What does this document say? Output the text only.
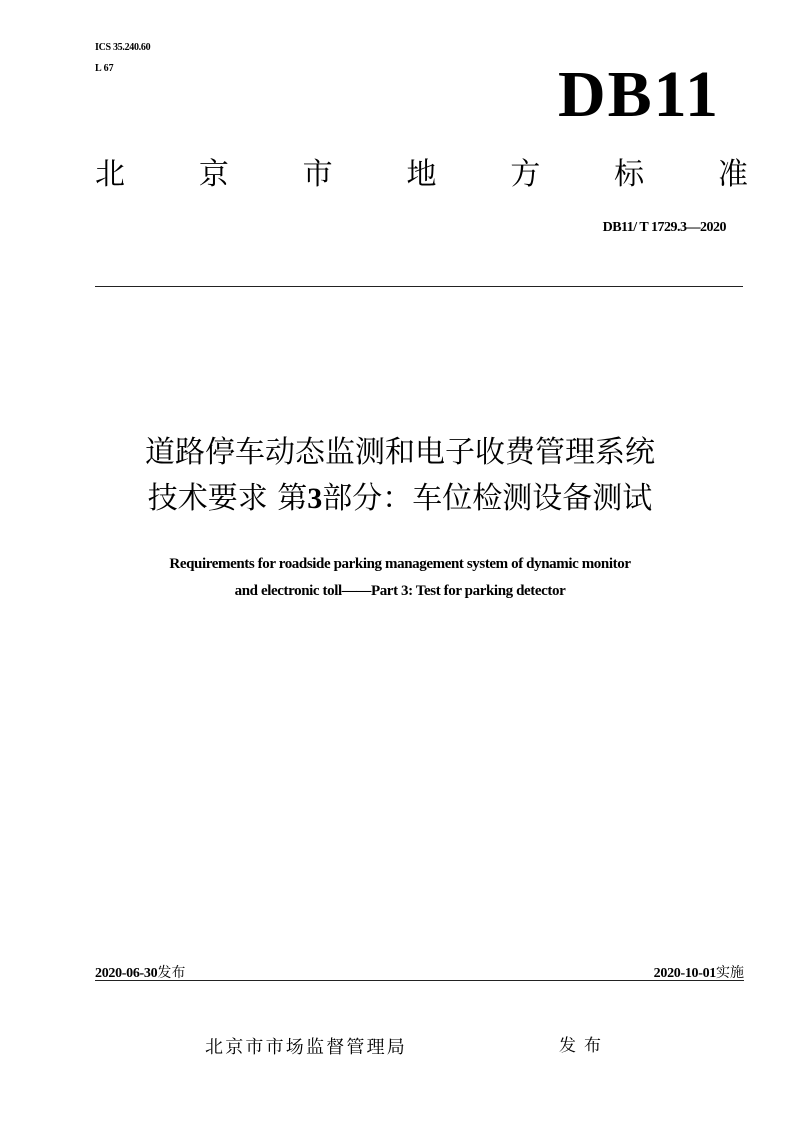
ICS 35.240.60
L 67	DB11
北 京 市 地 方 标 准
DB11/ T 1729.3—2020
道路停车动态监测和电子收费管理系统
技术要求 第3部分：车位检测设备测试
Requirements for roadside parking management system of dynamic monitor
and electronic toll——Part 3: Test for parking detector
2020-06-30发布	2020-10-01实施
北京市市场监督管理局	发布
